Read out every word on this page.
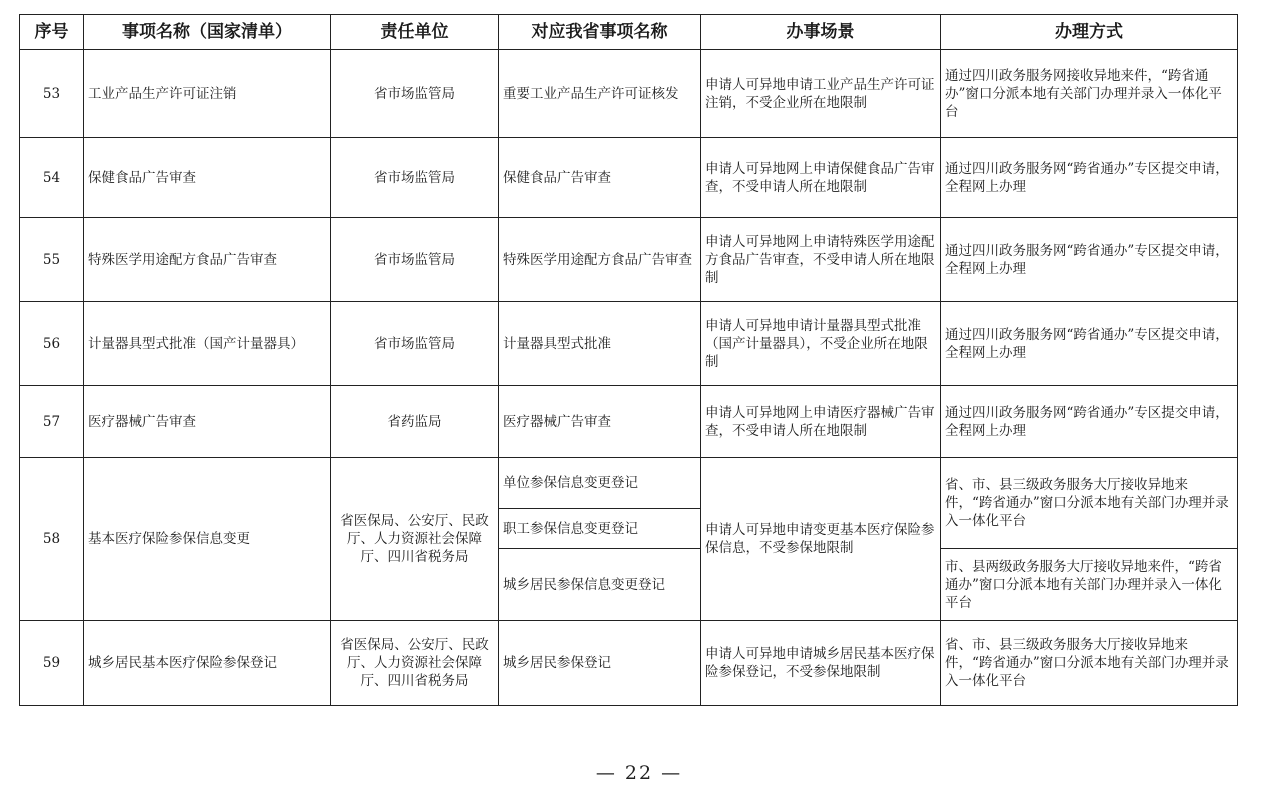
序号	事项名称（国家清单）	责任单位	对应我省事项名称	办事场景	办理方式
53	工业产品生产许可证注销	省市场监管局	重要工业产品生产许可证核发	申请人可异地申请工业产品生产许可证注销，不受企业所在地限制	通过四川政务服务网接收异地来件，“跨省通办”窗口分派本地有关部门办理并录入一体化平台
54	保健食品广告审查	省市场监管局	保健食品广告审查	申请人可异地网上申请保健食品广告审查，不受申请人所在地限制	通过四川政务服务网“跨省通办”专区提交申请，全程网上办理
55	特殊医学用途配方食品广告审查	省市场监管局	特殊医学用途配方食品广告审查	申请人可异地网上申请特殊医学用途配方食品广告审查，不受申请人所在地限制	通过四川政务服务网“跨省通办”专区提交申请，全程网上办理
56	计量器具型式批准（国产计量器具）	省市场监管局	计量器具型式批准	申请人可异地申请计量器具型式批准（国产计量器具），不受企业所在地限制	通过四川政务服务网“跨省通办”专区提交申请，全程网上办理
57	医疗器械广告审查	省药监局	医疗器械广告审查	申请人可异地网上申请医疗器械广告审查，不受申请人所在地限制	通过四川政务服务网“跨省通办”专区提交申请，全程网上办理
58	基本医疗保险参保信息变更	省医保局、公安厅、民政厅、人力资源社会保障厅、四川省税务局	单位参保信息变更登记	申请人可异地申请变更基本医疗保险参保信息，不受参保地限制	省、市、县三级政务服务大厅接收异地来件，“跨省通办”窗口分派本地有关部门办理并录入一体化平台
			职工参保信息变更登记		
			城乡居民参保信息变更登记		市、县两级政务服务大厅接收异地来件，“跨省通办”窗口分派本地有关部门办理并录入一体化平台
59	城乡居民基本医疗保险参保登记	省医保局、公安厅、民政厅、人力资源社会保障厅、四川省税务局	城乡居民参保登记	申请人可异地申请城乡居民基本医疗保险参保登记，不受参保地限制	省、市、县三级政务服务大厅接收异地来件，“跨省通办”窗口分派本地有关部门办理并录入一体化平台
— 22 —
